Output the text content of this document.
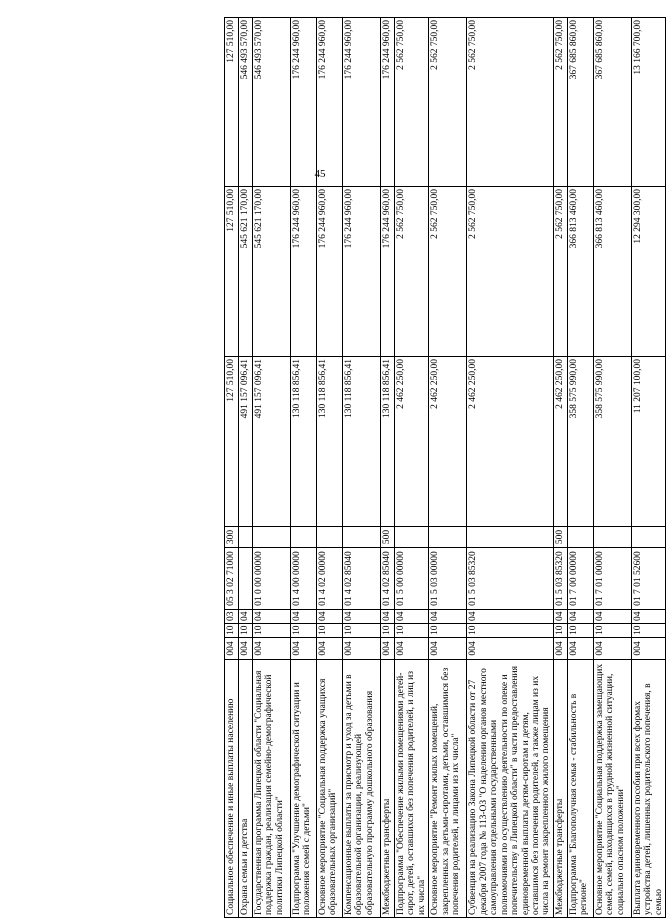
45
Социальное обеспечение и иные выплаты населению	004	10	03	05 3 02 71000	300	127 510,00	127 510,00	127 510,00
Охрана семьи и детства	004	10	04			491 157 096,41	545 621 170,00	546 493 570,00
Государственная программа Липецкой области "Социальная поддержка граждан, реализация семейно-демографической политики Липецкой области"	004	10	04	01 0 00 00000		491 157 096,41	545 621 170,00	546 493 570,00
Подпрограмма "Улучшение демографической ситуации и положения семей с детьми"	004	10	04	01 4 00 00000		130 118 856,41	176 244 960,00	176 244 960,00
Основное мероприятие "Социальная поддержка учащихся образовательных организаций"	004	10	04	01 4 02 00000		130 118 856,41	176 244 960,00	176 244 960,00
Компенсационные выплаты за присмотр и уход за детьми в образовательной организации, реализующей образовательную программу дошкольного образования	004	10	04	01 4 02 85040		130 118 856,41	176 244 960,00	176 244 960,00
Межбюджетные трансферты	004	10	04	01 4 02 85040	500	130 118 856,41	176 244 960,00	176 244 960,00
Подпрограмма "Обеспечение жилыми помещениями детей-сирот, детей, оставшихся без попечения родителей, и лиц из их числа"	004	10	04	01 5 00 00000		2 462 250,00	2 562 750,00	2 562 750,00
Основное мероприятие "Ремонт жилых помещений, закрепленных за детьми-сиротами, детьми, оставшимися без попечения родителей, и лицами из их числа"	004	10	04	01 5 03 00000		2 462 250,00	2 562 750,00	2 562 750,00
Субвенция на реализацию Закона Липецкой области от 27 декабря 2007 года № 113-ОЗ "О наделении органов местного самоуправления отдельными государственными полномочиями по осуществлению деятельности по опеке и попечительству в Липецкой области" в части предоставления единовременной выплаты детям-сиротам и детям, оставшимся без попечения родителей, а также лицам из их числа на ремонт закрепленного жилого помещения	004	10	04	01 5 03 85320		2 462 250,00	2 562 750,00	2 562 750,00
Межбюджетные трансферты	004	10	04	01 5 03 85320	500	2 462 250,00	2 562 750,00	2 562 750,00
Подпрограмма "Благополучная семья - стабильность в регионе"	004	10	04	01 7 00 00000		358 575 990,00	366 813 460,00	367 685 860,00
Основное мероприятие "Социальная поддержка замещающих семей, семей, находящихся в трудной жизненной ситуации, социально опасном положении"	004	10	04	01 7 01 00000		358 575 990,00	366 813 460,00	367 685 860,00
Выплата единовременного пособия при всех формах устройства детей, лишенных родительского попечения, в семью	004	10	04	01 7 01 52600		11 207 100,00	12 294 300,00	13 166 700,00
